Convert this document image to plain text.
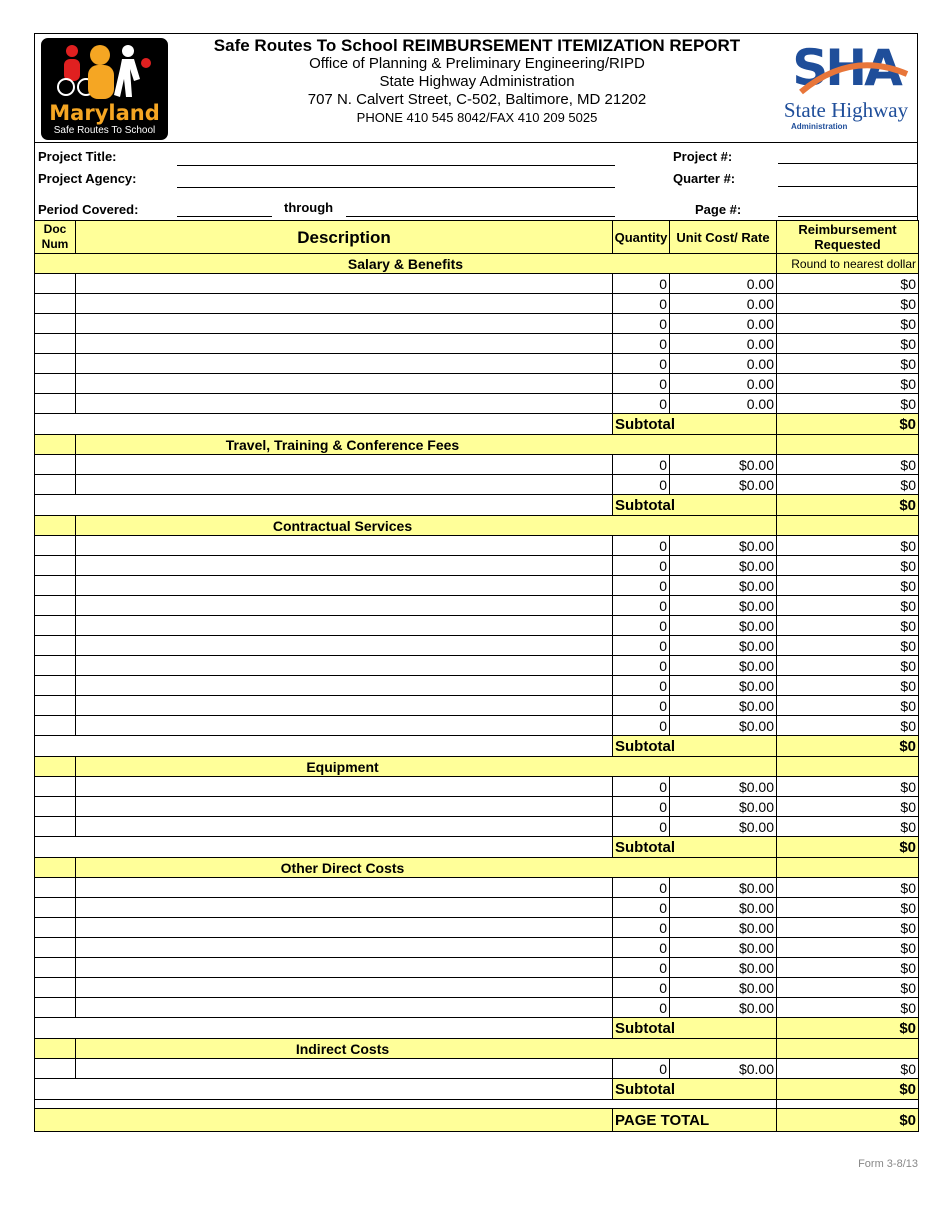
Maryland
Safe Routes To School
Safe Routes To School REIMBURSEMENT ITEMIZATION REPORT
Office of Planning & Preliminary Engineering/RIPD
State Highway Administration
707 N. Calvert Street, C-502, Baltimore, MD 21202
PHONE 410 545 8042/FAX 410 209 5025
SHA
State Highway
Administration
Project Title:
Project Agency:
Period Covered:	through
Project #:
Quarter #:
Page #:
Doc Num	Description	Quantity	Unit Cost/ Rate	Reimbursement Requested
Salary & Benefits				Round to nearest dollar
		0	0.00	$0
		0	0.00	$0
		0	0.00	$0
		0	0.00	$0
		0	0.00	$0
		0	0.00	$0
		0	0.00	$0
		Subtotal		$0
	Travel, Training & Conference Fees			
		0	$0.00	$0
		0	$0.00	$0
		Subtotal		$0
	Contractual Services			
		0	$0.00	$0
		0	$0.00	$0
		0	$0.00	$0
		0	$0.00	$0
		0	$0.00	$0
		0	$0.00	$0
		0	$0.00	$0
		0	$0.00	$0
		0	$0.00	$0
		0	$0.00	$0
		Subtotal		$0
	Equipment			
		0	$0.00	$0
		0	$0.00	$0
		0	$0.00	$0
		Subtotal		$0
	Other Direct Costs			
		0	$0.00	$0
		0	$0.00	$0
		0	$0.00	$0
		0	$0.00	$0
		0	$0.00	$0
		0	$0.00	$0
		0	$0.00	$0
		Subtotal		$0
	Indirect Costs			
		0	$0.00	$0
		Subtotal		$0

		PAGE TOTAL		$0
Form 3-8/13
